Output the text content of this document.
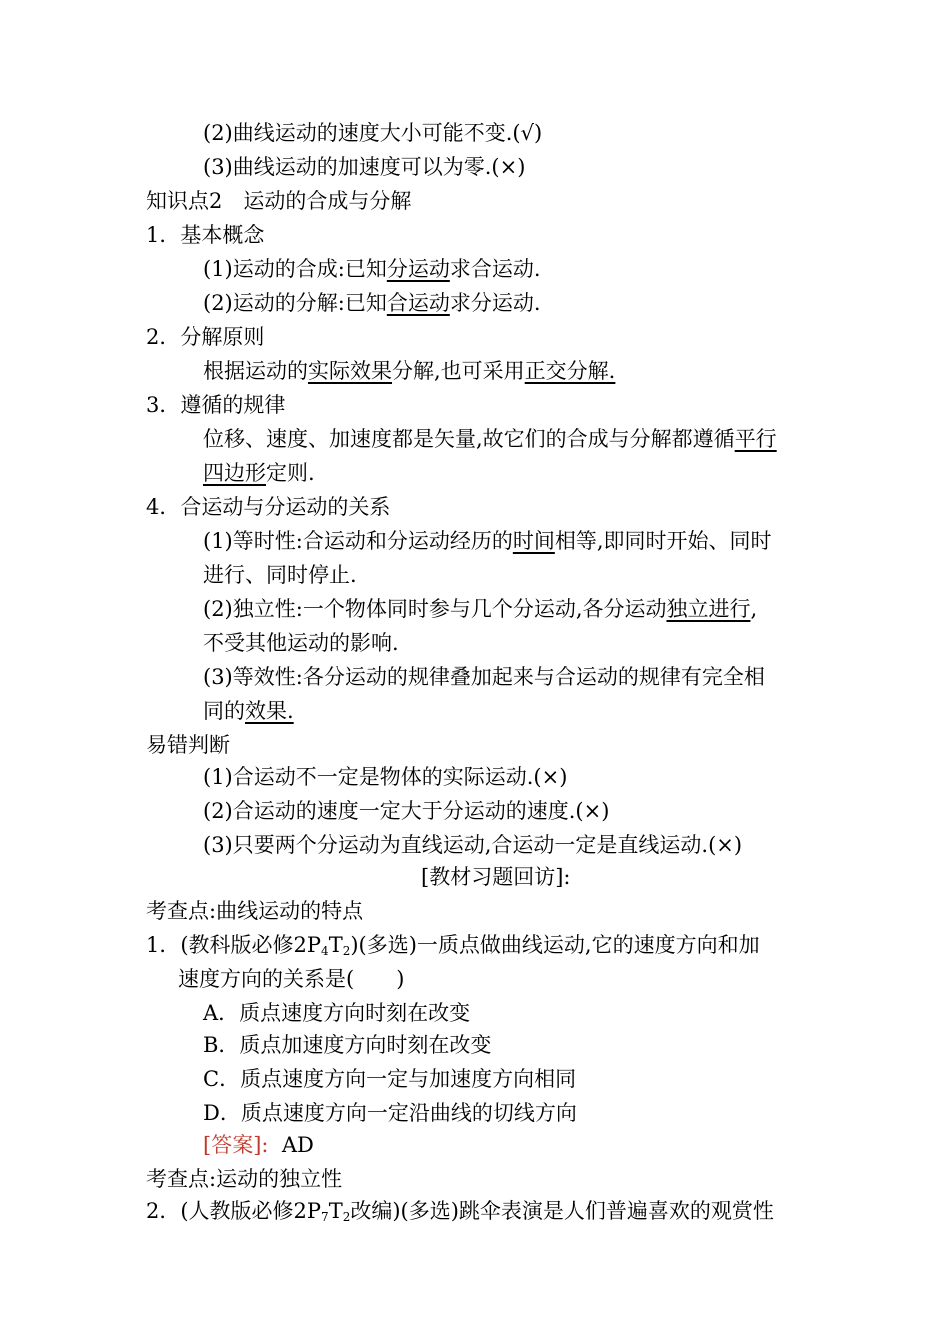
(2)曲线运动的速度大小可能不变.(√)
(3)曲线运动的加速度可以为零.(×)
知识点2　运动的合成与分解
1．基本概念
(1)运动的合成:已知分运动求合运动.
(2)运动的分解:已知合运动求分运动.
2．分解原则
根据运动的实际效果分解,也可采用正交分解.
3．遵循的规律
位移、速度、加速度都是矢量,故它们的合成与分解都遵循平行
四边形定则.
4．合运动与分运动的关系
(1)等时性:合运动和分运动经历的时间相等,即同时开始、同时
进行、同时停止.
(2)独立性:一个物体同时参与几个分运动,各分运动独立进行,
不受其他运动的影响.
(3)等效性:各分运动的规律叠加起来与合运动的规律有完全相
同的效果.
易错判断
(1)合运动不一定是物体的实际运动.(×)
(2)合运动的速度一定大于分运动的速度.(×)
(3)只要两个分运动为直线运动,合运动一定是直线运动.(×)
[教材习题回访]:
考查点:曲线运动的特点
1．(教科版必修$2P_4T_2$)(多选)一质点做曲线运动,它的速度方向和加
速度方向的关系是(　　)
A．质点速度方向时刻在改变
B．质点加速度方向时刻在改变
C．质点速度方向一定与加速度方向相同
D．质点速度方向一定沿曲线的切线方向
[答案]: AD
考查点:运动的独立性
2．(人教版必修$2P_7T_2$改编)(多选)跳伞表演是人们普遍喜欢的观赏性
